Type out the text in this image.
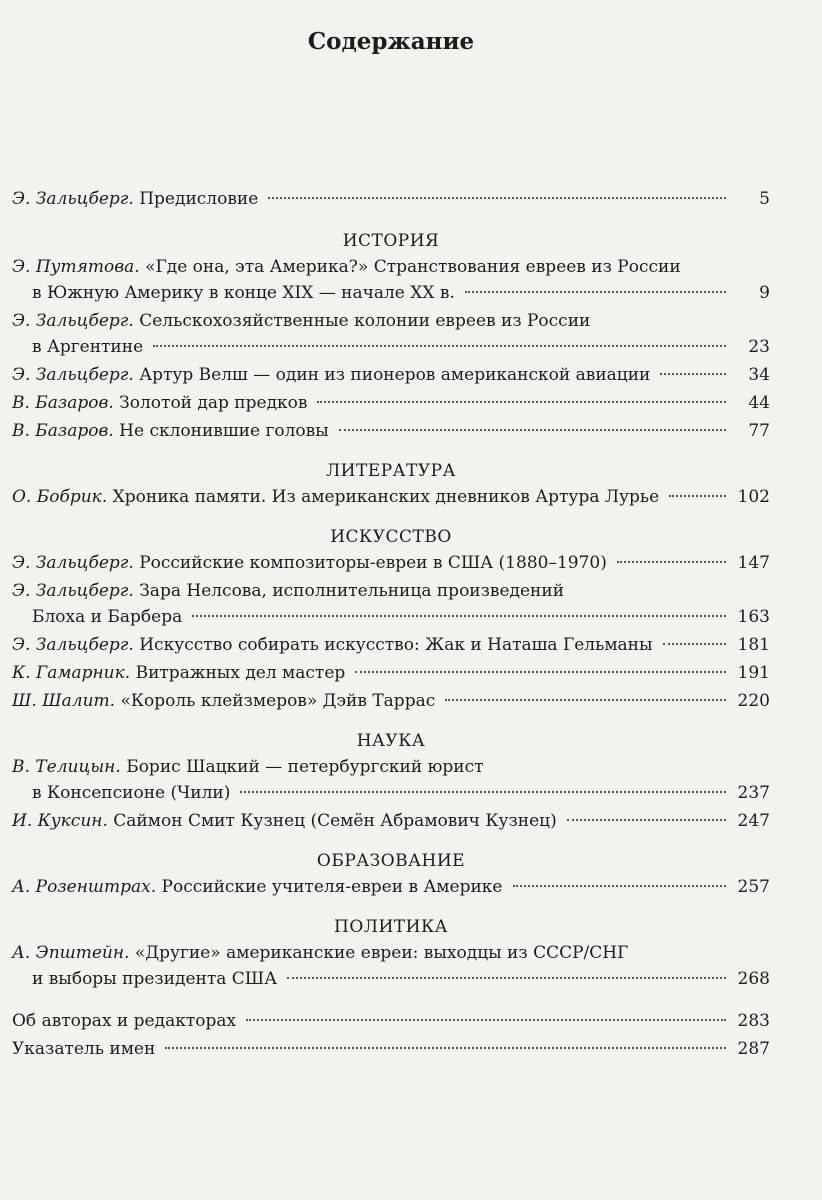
Содержание
Э. Зальцберг. Предисловие	5
ИСТОРИЯ
Э. Путятова. «Где она, эта Америка?» Странствования евреев из России
в Южную Америку в конце XIX — начале XX в.	9
Э. Зальцберг. Сельскохозяйственные колонии евреев из России
в Аргентине	23
Э. Зальцберг. Артур Велш — один из пионеров американской авиации	34
В. Базаров. Золотой дар предков	44
В. Базаров. Не склонившие головы	77
ЛИТЕРАТУРА
О. Бобрик. Хроника памяти. Из американских дневников Артура Лурье	102
ИСКУССТВО
Э. Зальцберг. Российские композиторы-евреи в США (1880–1970)	147
Э. Зальцберг. Зара Нелсова, исполнительница произведений
Блоха и Барбера	163
Э. Зальцберг. Искусство собирать искусство: Жак и Наташа Гельманы	181
К. Гамарник. Витражных дел мастер	191
Ш. Шалит. «Король клейзмеров» Дэйв Таррас	220
НАУКА
В. Телицын. Борис Шацкий — петербургский юрист
в Консепсионе (Чили)	237
И. Куксин. Саймон Смит Кузнец (Семён Абрамович Кузнец)	247
ОБРАЗОВАНИЕ
А. Розенштрах. Российские учителя-евреи в Америке	257
ПОЛИТИКА
А. Эпштейн. «Другие» американские евреи: выходцы из СССР/СНГ
и выборы президента США	268
Об авторах и редакторах	283
Указатель имен	287
